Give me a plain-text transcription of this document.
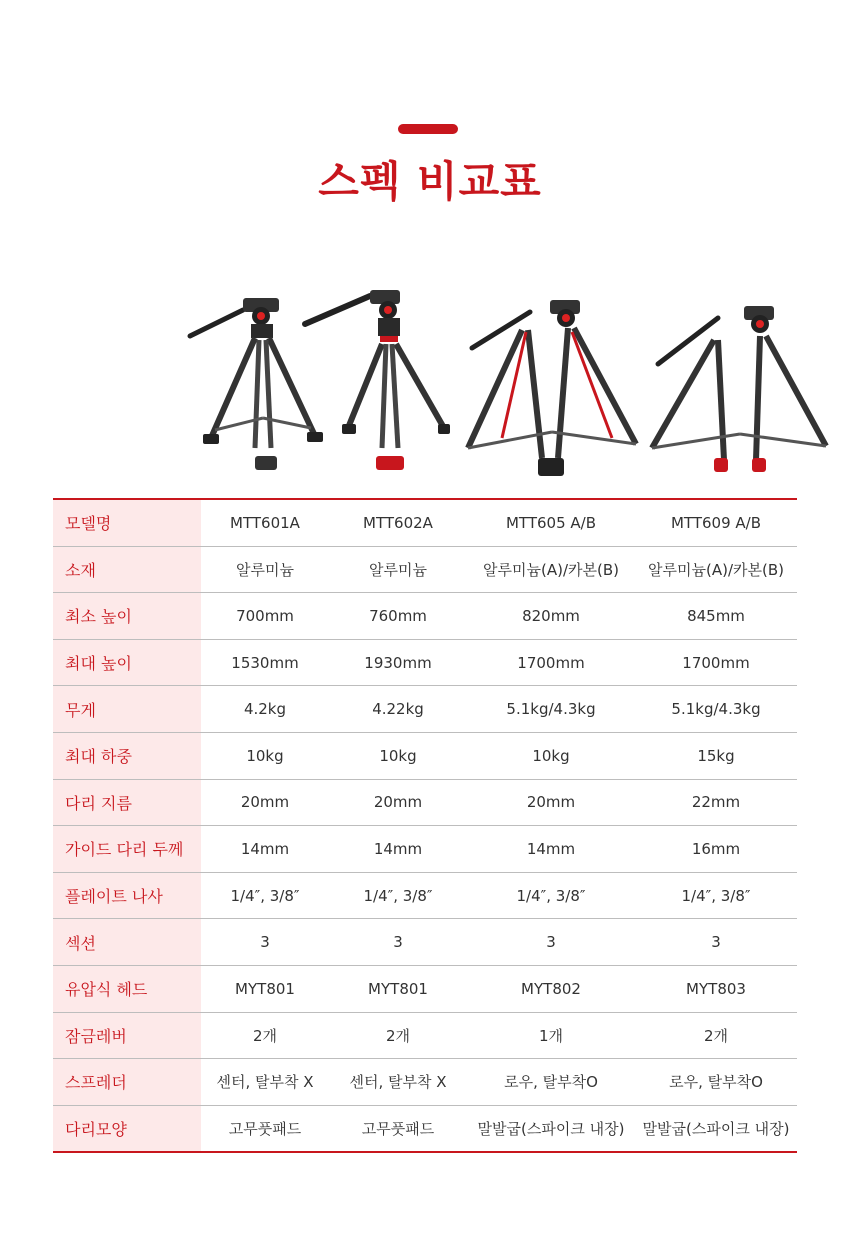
스펙 비교표
모델명	MTT601A	MTT602A	MTT605 A/B	MTT609 A/B
소재	알루미늄	알루미늄	알루미늄(A)/카본(B)	알루미늄(A)/카본(B)
최소 높이	700mm	760mm	820mm	845mm
최대 높이	1530mm	1930mm	1700mm	1700mm
무게	4.2kg	4.22kg	5.1kg/4.3kg	5.1kg/4.3kg
최대 하중	10kg	10kg	10kg	15kg
다리 지름	20mm	20mm	20mm	22mm
가이드 다리 두께	14mm	14mm	14mm	16mm
플레이트 나사	1/4″, 3/8″	1/4″, 3/8″	1/4″, 3/8″	1/4″, 3/8″
섹션	3	3	3	3
유압식 헤드	MYT801	MYT801	MYT802	MYT803
잠금레버	2개	2개	1개	2개
스프레더	센터, 탈부착 X	센터, 탈부착 X	로우, 탈부착O	로우, 탈부착O
다리모양	고무풋패드	고무풋패드	말발굽(스파이크 내장)	말발굽(스파이크 내장)
